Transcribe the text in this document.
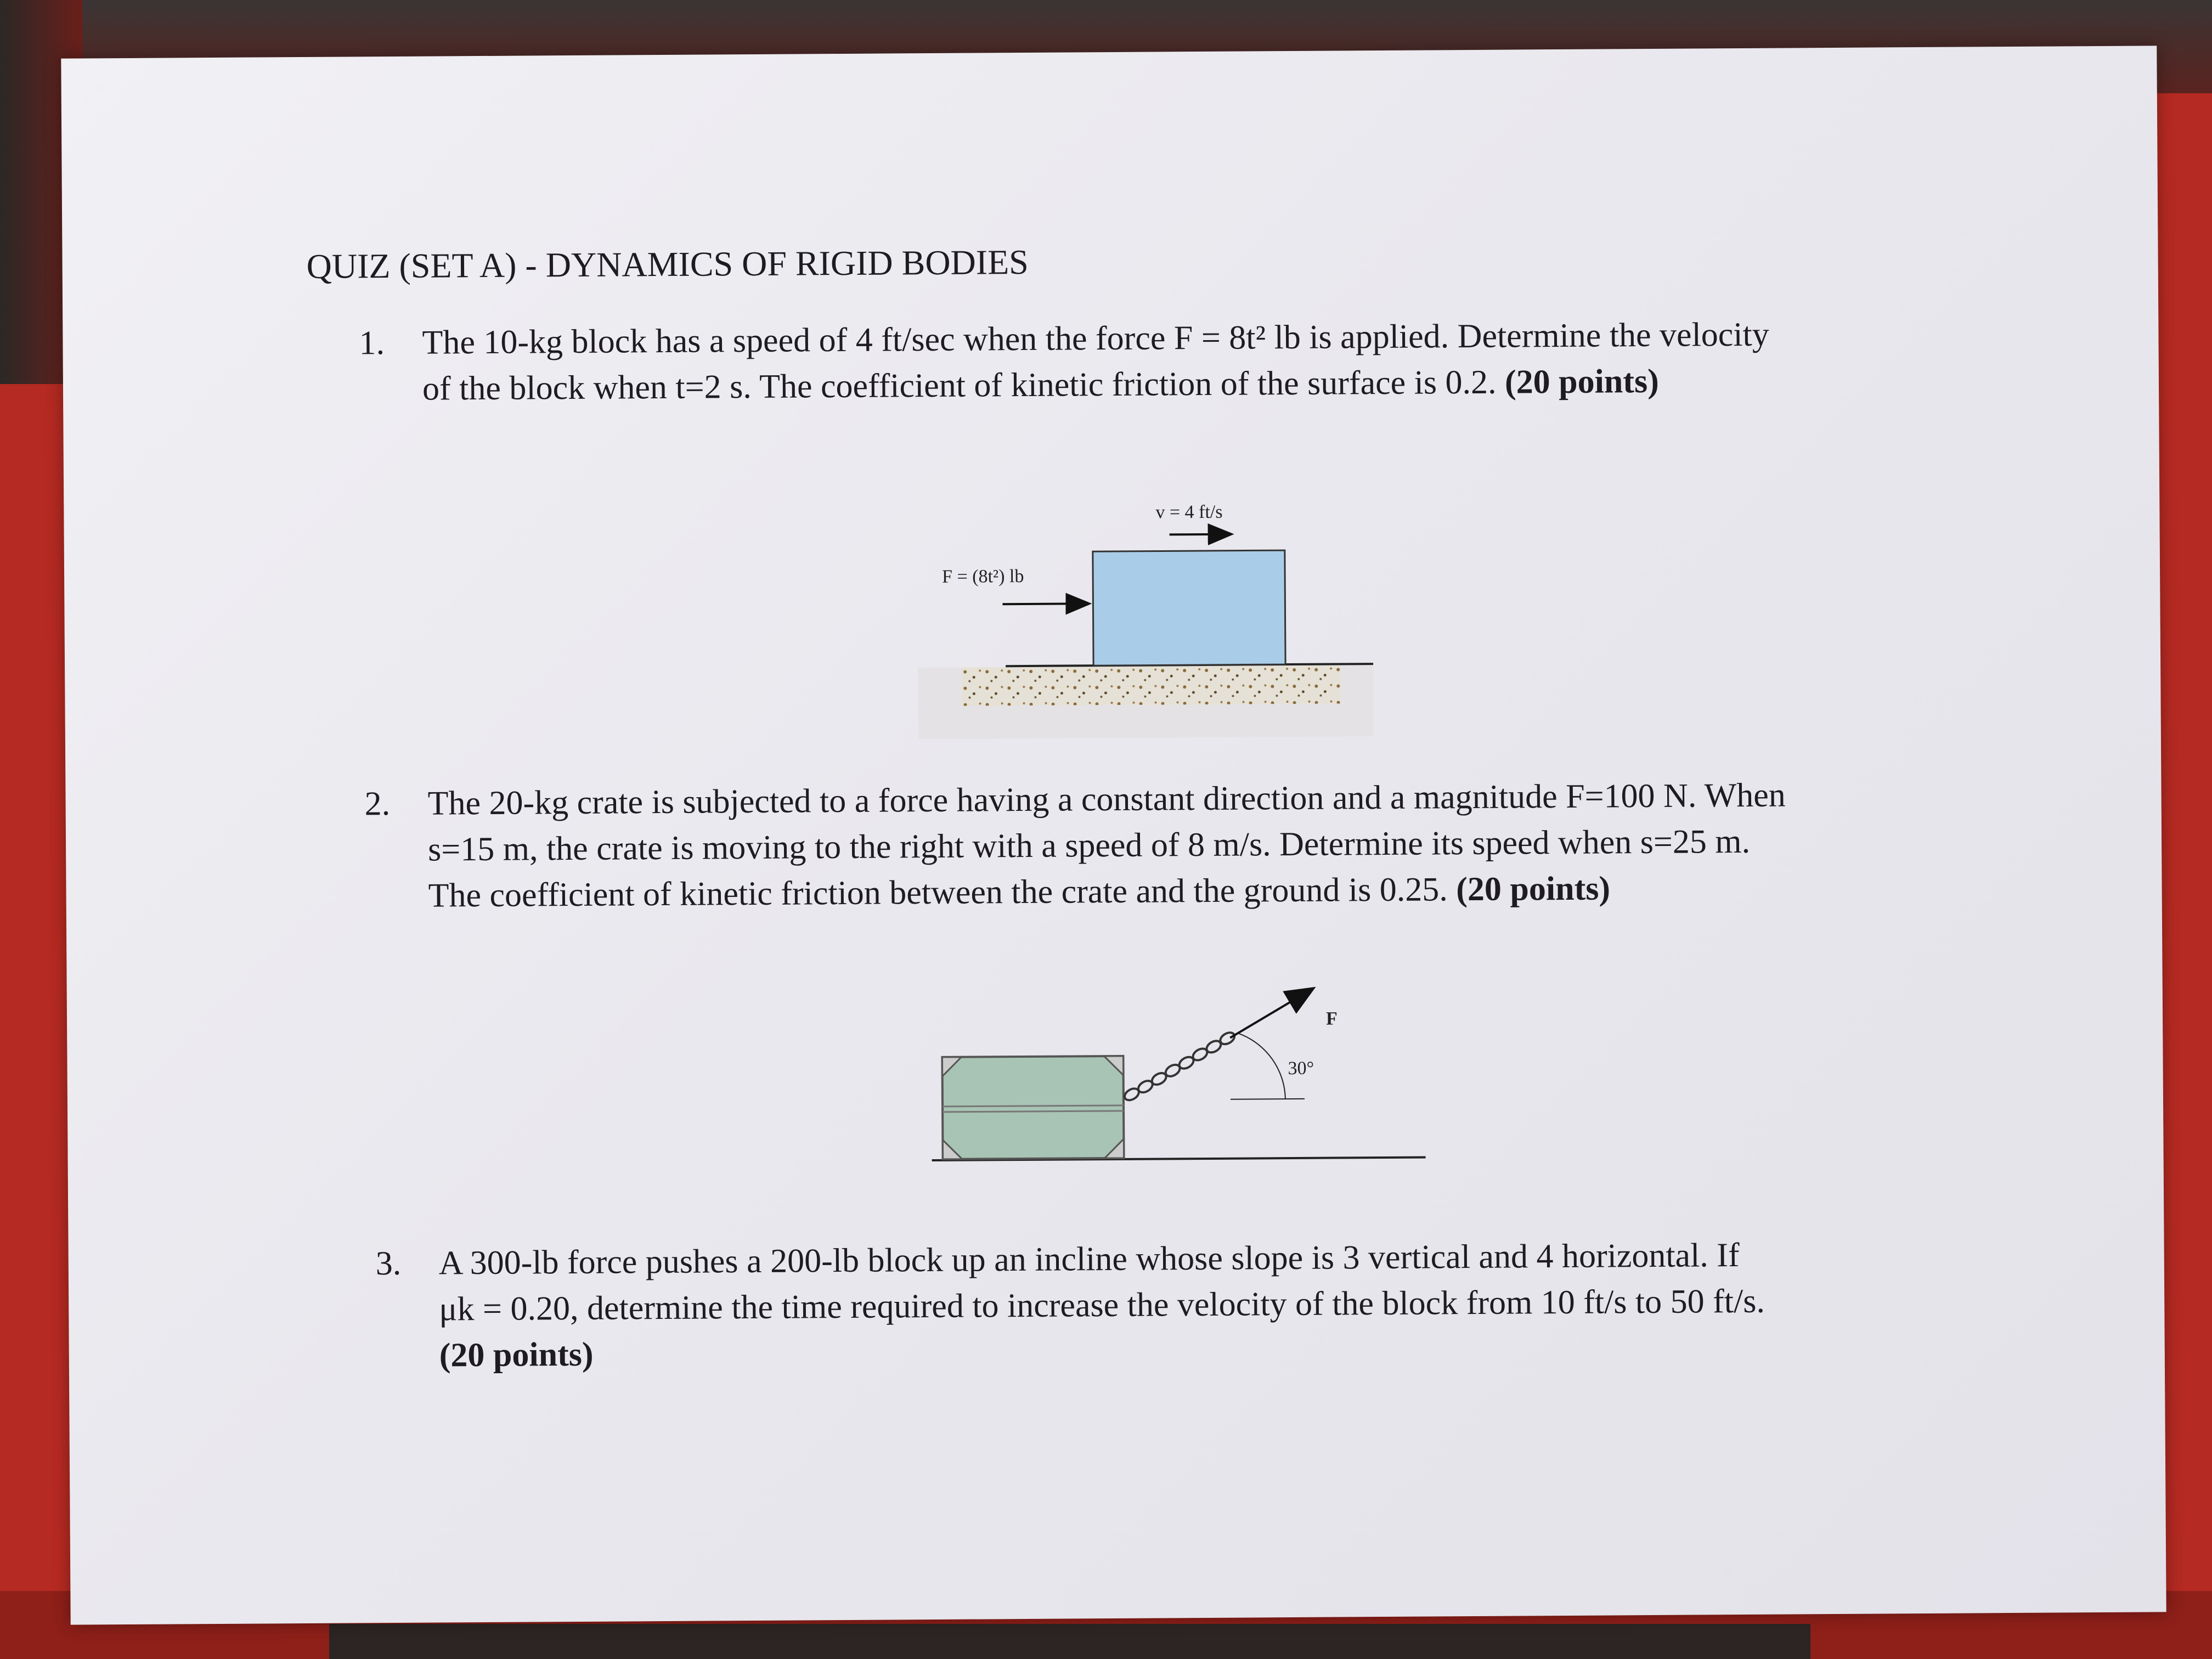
QUIZ (SET A) - DYNAMICS OF RIGID BODIES
1. The 10-kg block has a speed of 4 ft/sec when the force F = 8t² lb is applied. Determine the velocity
of the block when t=2 s. The coefficient of kinetic friction of the surface is 0.2. (20 points)
v = 4 ft/s
F = (8t²) lb
2. The 20-kg crate is subjected to a force having a constant direction and a magnitude F=100 N. When
s=15 m, the crate is moving to the right with a speed of 8 m/s. Determine its speed when s=25 m.
The coefficient of kinetic friction between the crate and the ground is 0.25. (20 points)
F
30°
3. A 300-lb force pushes a 200-lb block up an incline whose slope is 3 vertical and 4 horizontal. If
μk = 0.20, determine the time required to increase the velocity of the block from 10 ft/s to 50 ft/s.
(20 points)
